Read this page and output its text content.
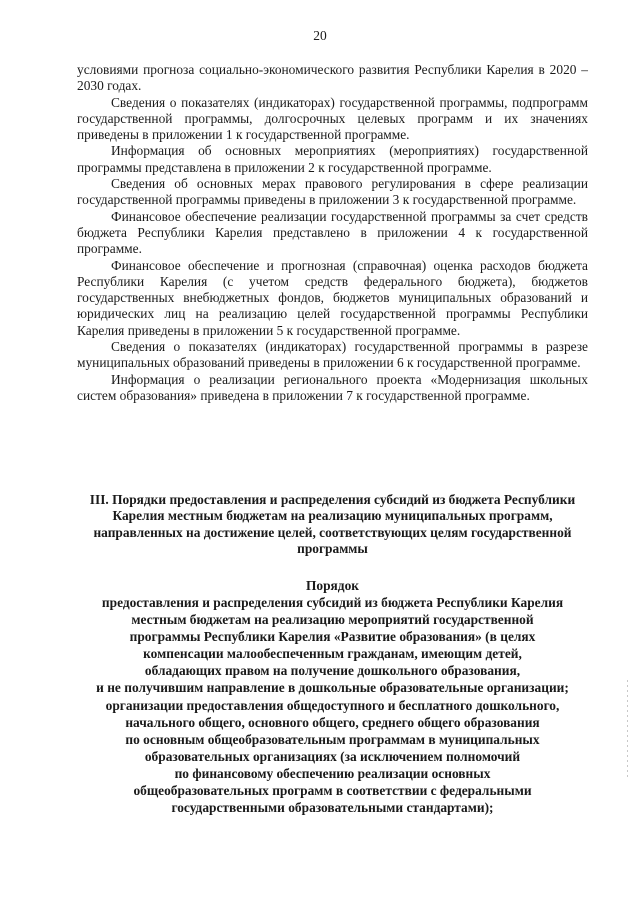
20

условиями прогноза социально-экономического развития Республики Карелия в 2020 – 2030 годах.

Сведения о показателях (индикаторах) государственной программы, подпрограмм государственной программы, долгосрочных целевых программ и их значениях приведены в приложении 1 к государственной программе.

Информация об основных мероприятиях (мероприятиях) государственной программы представлена в приложении 2 к государственной программе.

Сведения об основных мерах правового регулирования в сфере реализации государственной программы приведены в приложении 3 к государственной программе.

Финансовое обеспечение реализации государственной программы за счет средств бюджета Республики Карелия представлено в приложении 4 к государственной программе.

Финансовое обеспечение и прогнозная (справочная) оценка расходов бюджета Республики Карелия (с учетом средств федерального бюджета), бюджетов государственных внебюджетных фондов, бюджетов муниципальных образований и юридических лиц на реализацию целей государственной программы Республики Карелия приведены в приложении 5 к государственной программе.

Сведения о показателях (индикаторах) государственной программы в разрезе муниципальных образований приведены в приложении 6 к государственной программе.

Информация о реализации регионального проекта «Модернизация школьных систем образования» приведена в приложении 7 к государственной программе.

III. Порядки предоставления и распределения субсидий из бюджета Республики Карелия местным бюджетам на реализацию муниципальных программ, направленных на достижение целей, соответствующих целям государственной программы

Порядок

предоставления и распределения субсидий из бюджета Республики Карелия
местным бюджетам на реализацию мероприятий государственной
программы Республики Карелия «Развитие образования» (в целях
компенсации малообеспеченным гражданам, имеющим детей,
обладающих правом на получение дошкольного образования,
и не получившим направление в дошкольные образовательные организации;
организации предоставления общедоступного и бесплатного дошкольного,
начального общего, основного общего, среднего общего образования
по основным общеобразовательным программам в муниципальных
образовательных организациях (за исключением полномочий
по финансовому обеспечению реализации основных
общеобразовательных программ в соответствии с федеральными
государственными образовательными стандартами);
